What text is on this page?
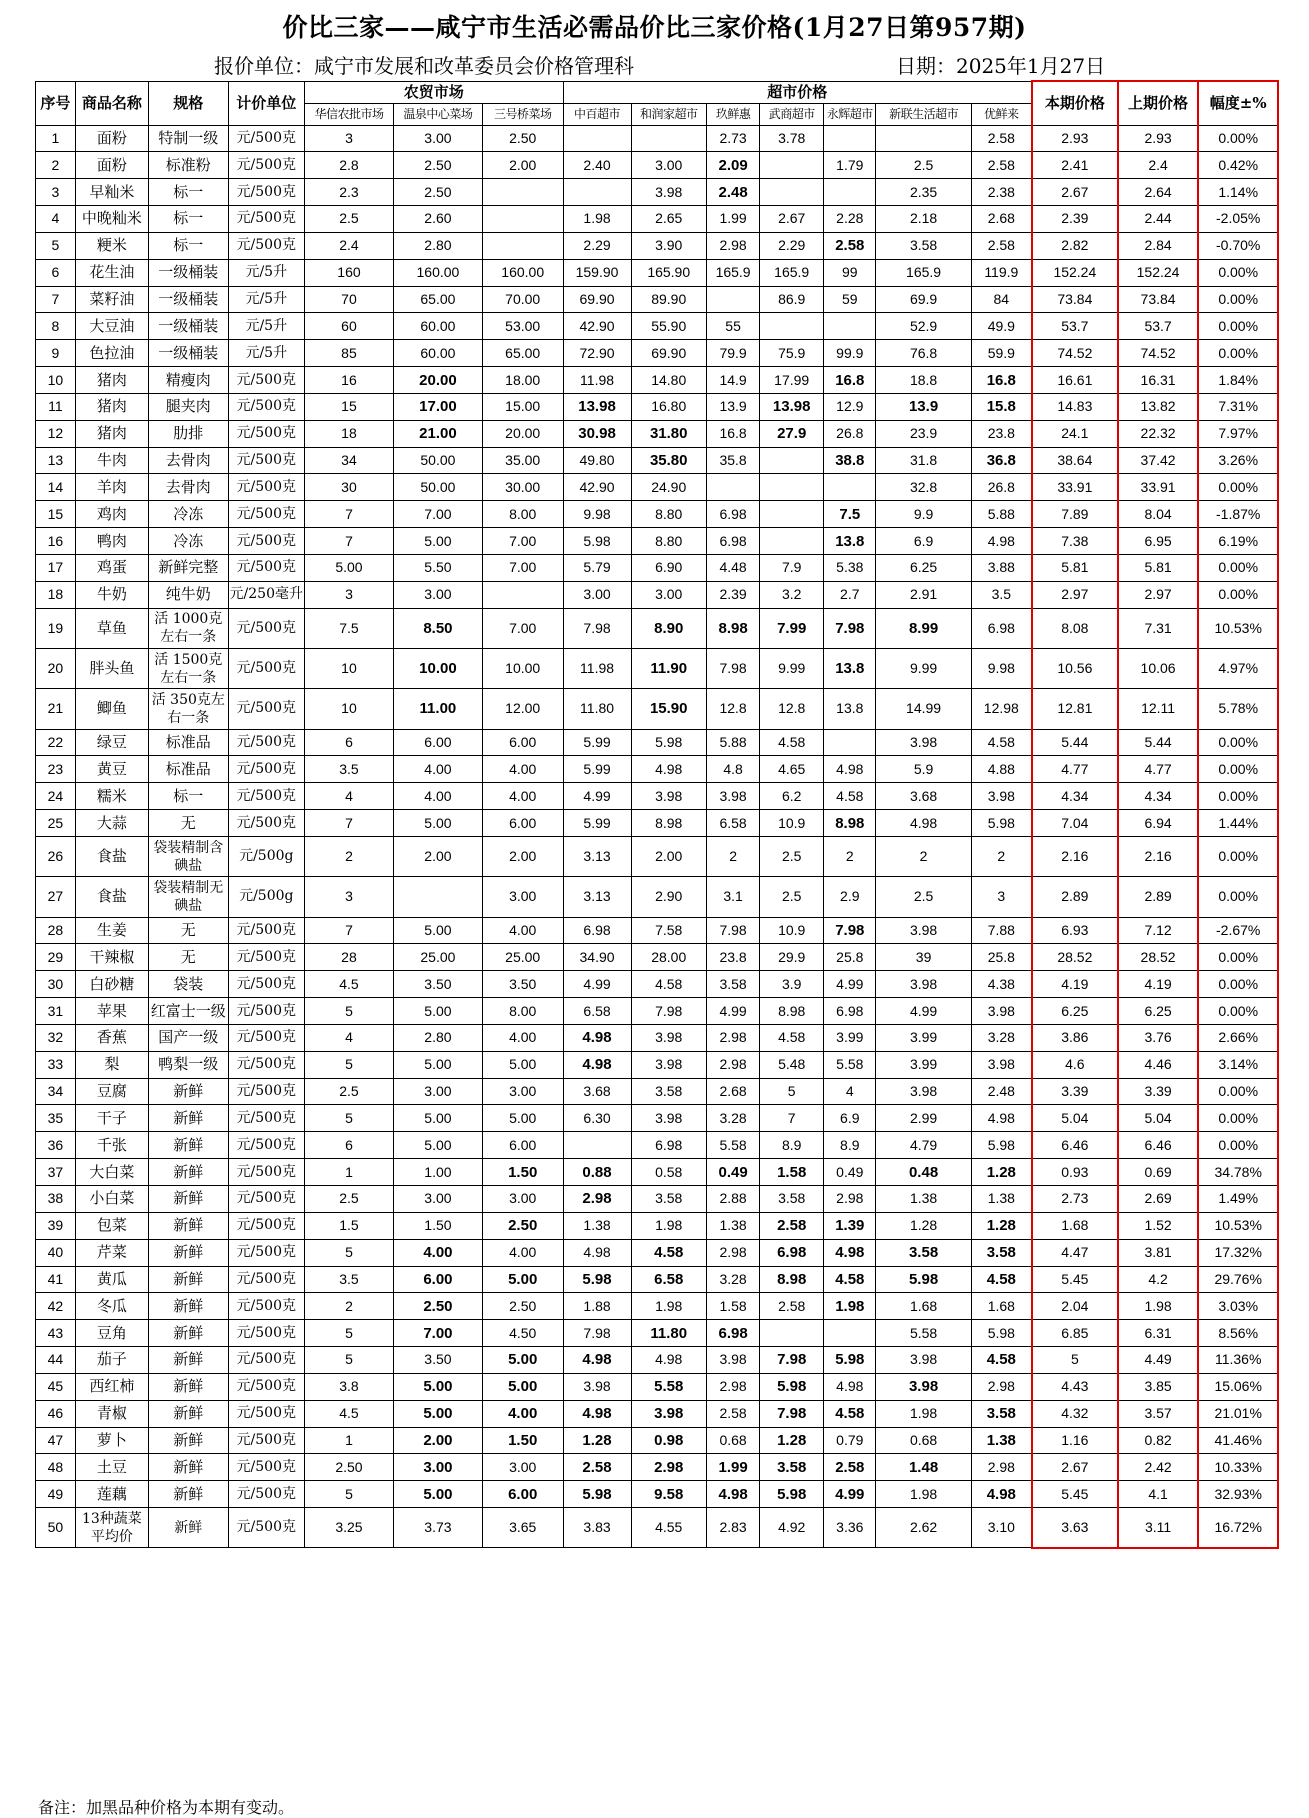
价比三家——咸宁市生活必需品价比三家价格(1月27日第957期)
报价单位：咸宁市发展和改革委员会价格管理科	日期：2025年1月27日
序号	商品名称	规格	计价单位	农贸市场			超市价格							本期价格	上期价格	幅度±%
				华信农批市场	温泉中心菜场	三号桥菜场	中百超市	和润家超市	玖鲜惠	武商超市	永辉超市	新联生活超市	优鲜来			
1	面粉	特制一级	元/500克	3	3.00	2.50			2.73	3.78			2.58	2.93	2.93	0.00%
2	面粉	标准粉	元/500克	2.8	2.50	2.00	2.40	3.00	2.09		1.79	2.5	2.58	2.41	2.4	0.42%
3	早籼米	标一	元/500克	2.3	2.50			3.98	2.48			2.35	2.38	2.67	2.64	1.14%
4	中晚籼米	标一	元/500克	2.5	2.60		1.98	2.65	1.99	2.67	2.28	2.18	2.68	2.39	2.44	-2.05%
5	粳米	标一	元/500克	2.4	2.80		2.29	3.90	2.98	2.29	2.58	3.58	2.58	2.82	2.84	-0.70%
6	花生油	一级桶装	元/5升	160	160.00	160.00	159.90	165.90	165.9	165.9	99	165.9	119.9	152.24	152.24	0.00%
7	菜籽油	一级桶装	元/5升	70	65.00	70.00	69.90	89.90		86.9	59	69.9	84	73.84	73.84	0.00%
8	大豆油	一级桶装	元/5升	60	60.00	53.00	42.90	55.90	55			52.9	49.9	53.7	53.7	0.00%
9	色拉油	一级桶装	元/5升	85	60.00	65.00	72.90	69.90	79.9	75.9	99.9	76.8	59.9	74.52	74.52	0.00%
10	猪肉	精瘦肉	元/500克	16	20.00	18.00	11.98	14.80	14.9	17.99	16.8	18.8	16.8	16.61	16.31	1.84%
11	猪肉	腿夹肉	元/500克	15	17.00	15.00	13.98	16.80	13.9	13.98	12.9	13.9	15.8	14.83	13.82	7.31%
12	猪肉	肋排	元/500克	18	21.00	20.00	30.98	31.80	16.8	27.9	26.8	23.9	23.8	24.1	22.32	7.97%
13	牛肉	去骨肉	元/500克	34	50.00	35.00	49.80	35.80	35.8		38.8	31.8	36.8	38.64	37.42	3.26%
14	羊肉	去骨肉	元/500克	30	50.00	30.00	42.90	24.90				32.8	26.8	33.91	33.91	0.00%
15	鸡肉	冷冻	元/500克	7	7.00	8.00	9.98	8.80	6.98		7.5	9.9	5.88	7.89	8.04	-1.87%
16	鸭肉	冷冻	元/500克	7	5.00	7.00	5.98	8.80	6.98		13.8	6.9	4.98	7.38	6.95	6.19%
17	鸡蛋	新鲜完整	元/500克	5.00	5.50	7.00	5.79	6.90	4.48	7.9	5.38	6.25	3.88	5.81	5.81	0.00%
18	牛奶	纯牛奶	元/250毫升	3	3.00		3.00	3.00	2.39	3.2	2.7	2.91	3.5	2.97	2.97	0.00%
19	草鱼	活 1000克左右一条	元/500克	7.5	8.50	7.00	7.98	8.90	8.98	7.99	7.98	8.99	6.98	8.08	7.31	10.53%
20	胖头鱼	活 1500克左右一条	元/500克	10	10.00	10.00	11.98	11.90	7.98	9.99	13.8	9.99	9.98	10.56	10.06	4.97%
21	鲫鱼	活 350克左右一条	元/500克	10	11.00	12.00	11.80	15.90	12.8	12.8	13.8	14.99	12.98	12.81	12.11	5.78%
22	绿豆	标准品	元/500克	6	6.00	6.00	5.99	5.98	5.88	4.58		3.98	4.58	5.44	5.44	0.00%
23	黄豆	标准品	元/500克	3.5	4.00	4.00	5.99	4.98	4.8	4.65	4.98	5.9	4.88	4.77	4.77	0.00%
24	糯米	标一	元/500克	4	4.00	4.00	4.99	3.98	3.98	6.2	4.58	3.68	3.98	4.34	4.34	0.00%
25	大蒜	无	元/500克	7	5.00	6.00	5.99	8.98	6.58	10.9	8.98	4.98	5.98	7.04	6.94	1.44%
26	食盐	袋装精制含碘盐	元/500g	2	2.00	2.00	3.13	2.00	2	2.5	2	2	2	2.16	2.16	0.00%
27	食盐	袋装精制无碘盐	元/500g	3		3.00	3.13	2.90	3.1	2.5	2.9	2.5	3	2.89	2.89	0.00%
28	生姜	无	元/500克	7	5.00	4.00	6.98	7.58	7.98	10.9	7.98	3.98	7.88	6.93	7.12	-2.67%
29	干辣椒	无	元/500克	28	25.00	25.00	34.90	28.00	23.8	29.9	25.8	39	25.8	28.52	28.52	0.00%
30	白砂糖	袋装	元/500克	4.5	3.50	3.50	4.99	4.58	3.58	3.9	4.99	3.98	4.38	4.19	4.19	0.00%
31	苹果	红富士一级	元/500克	5	5.00	8.00	6.58	7.98	4.99	8.98	6.98	4.99	3.98	6.25	6.25	0.00%
32	香蕉	国产一级	元/500克	4	2.80	4.00	4.98	3.98	2.98	4.58	3.99	3.99	3.28	3.86	3.76	2.66%
33	梨	鸭梨一级	元/500克	5	5.00	5.00	4.98	3.98	2.98	5.48	5.58	3.99	3.98	4.6	4.46	3.14%
34	豆腐	新鲜	元/500克	2.5	3.00	3.00	3.68	3.58	2.68	5	4	3.98	2.48	3.39	3.39	0.00%
35	干子	新鲜	元/500克	5	5.00	5.00	6.30	3.98	3.28	7	6.9	2.99	4.98	5.04	5.04	0.00%
36	千张	新鲜	元/500克	6	5.00	6.00		6.98	5.58	8.9	8.9	4.79	5.98	6.46	6.46	0.00%
37	大白菜	新鲜	元/500克	1	1.00	1.50	0.88	0.58	0.49	1.58	0.49	0.48	1.28	0.93	0.69	34.78%
38	小白菜	新鲜	元/500克	2.5	3.00	3.00	2.98	3.58	2.88	3.58	2.98	1.38	1.38	2.73	2.69	1.49%
39	包菜	新鲜	元/500克	1.5	1.50	2.50	1.38	1.98	1.38	2.58	1.39	1.28	1.28	1.68	1.52	10.53%
40	芹菜	新鲜	元/500克	5	4.00	4.00	4.98	4.58	2.98	6.98	4.98	3.58	3.58	4.47	3.81	17.32%
41	黄瓜	新鲜	元/500克	3.5	6.00	5.00	5.98	6.58	3.28	8.98	4.58	5.98	4.58	5.45	4.2	29.76%
42	冬瓜	新鲜	元/500克	2	2.50	2.50	1.88	1.98	1.58	2.58	1.98	1.68	1.68	2.04	1.98	3.03%
43	豆角	新鲜	元/500克	5	7.00	4.50	7.98	11.80	6.98			5.58	5.98	6.85	6.31	8.56%
44	茄子	新鲜	元/500克	5	3.50	5.00	4.98	4.98	3.98	7.98	5.98	3.98	4.58	5	4.49	11.36%
45	西红柿	新鲜	元/500克	3.8	5.00	5.00	3.98	5.58	2.98	5.98	4.98	3.98	2.98	4.43	3.85	15.06%
46	青椒	新鲜	元/500克	4.5	5.00	4.00	4.98	3.98	2.58	7.98	4.58	1.98	3.58	4.32	3.57	21.01%
47	萝卜	新鲜	元/500克	1	2.00	1.50	1.28	0.98	0.68	1.28	0.79	0.68	1.38	1.16	0.82	41.46%
48	土豆	新鲜	元/500克	2.50	3.00	3.00	2.58	2.98	1.99	3.58	2.58	1.48	2.98	2.67	2.42	10.33%
49	莲藕	新鲜	元/500克	5	5.00	6.00	5.98	9.58	4.98	5.98	4.99	1.98	4.98	5.45	4.1	32.93%
50	13种蔬菜平均价	新鲜	元/500克	3.25	3.73	3.65	3.83	4.55	2.83	4.92	3.36	2.62	3.10	3.63	3.11	16.72%
备注：加黑品种价格为本期有变动。
